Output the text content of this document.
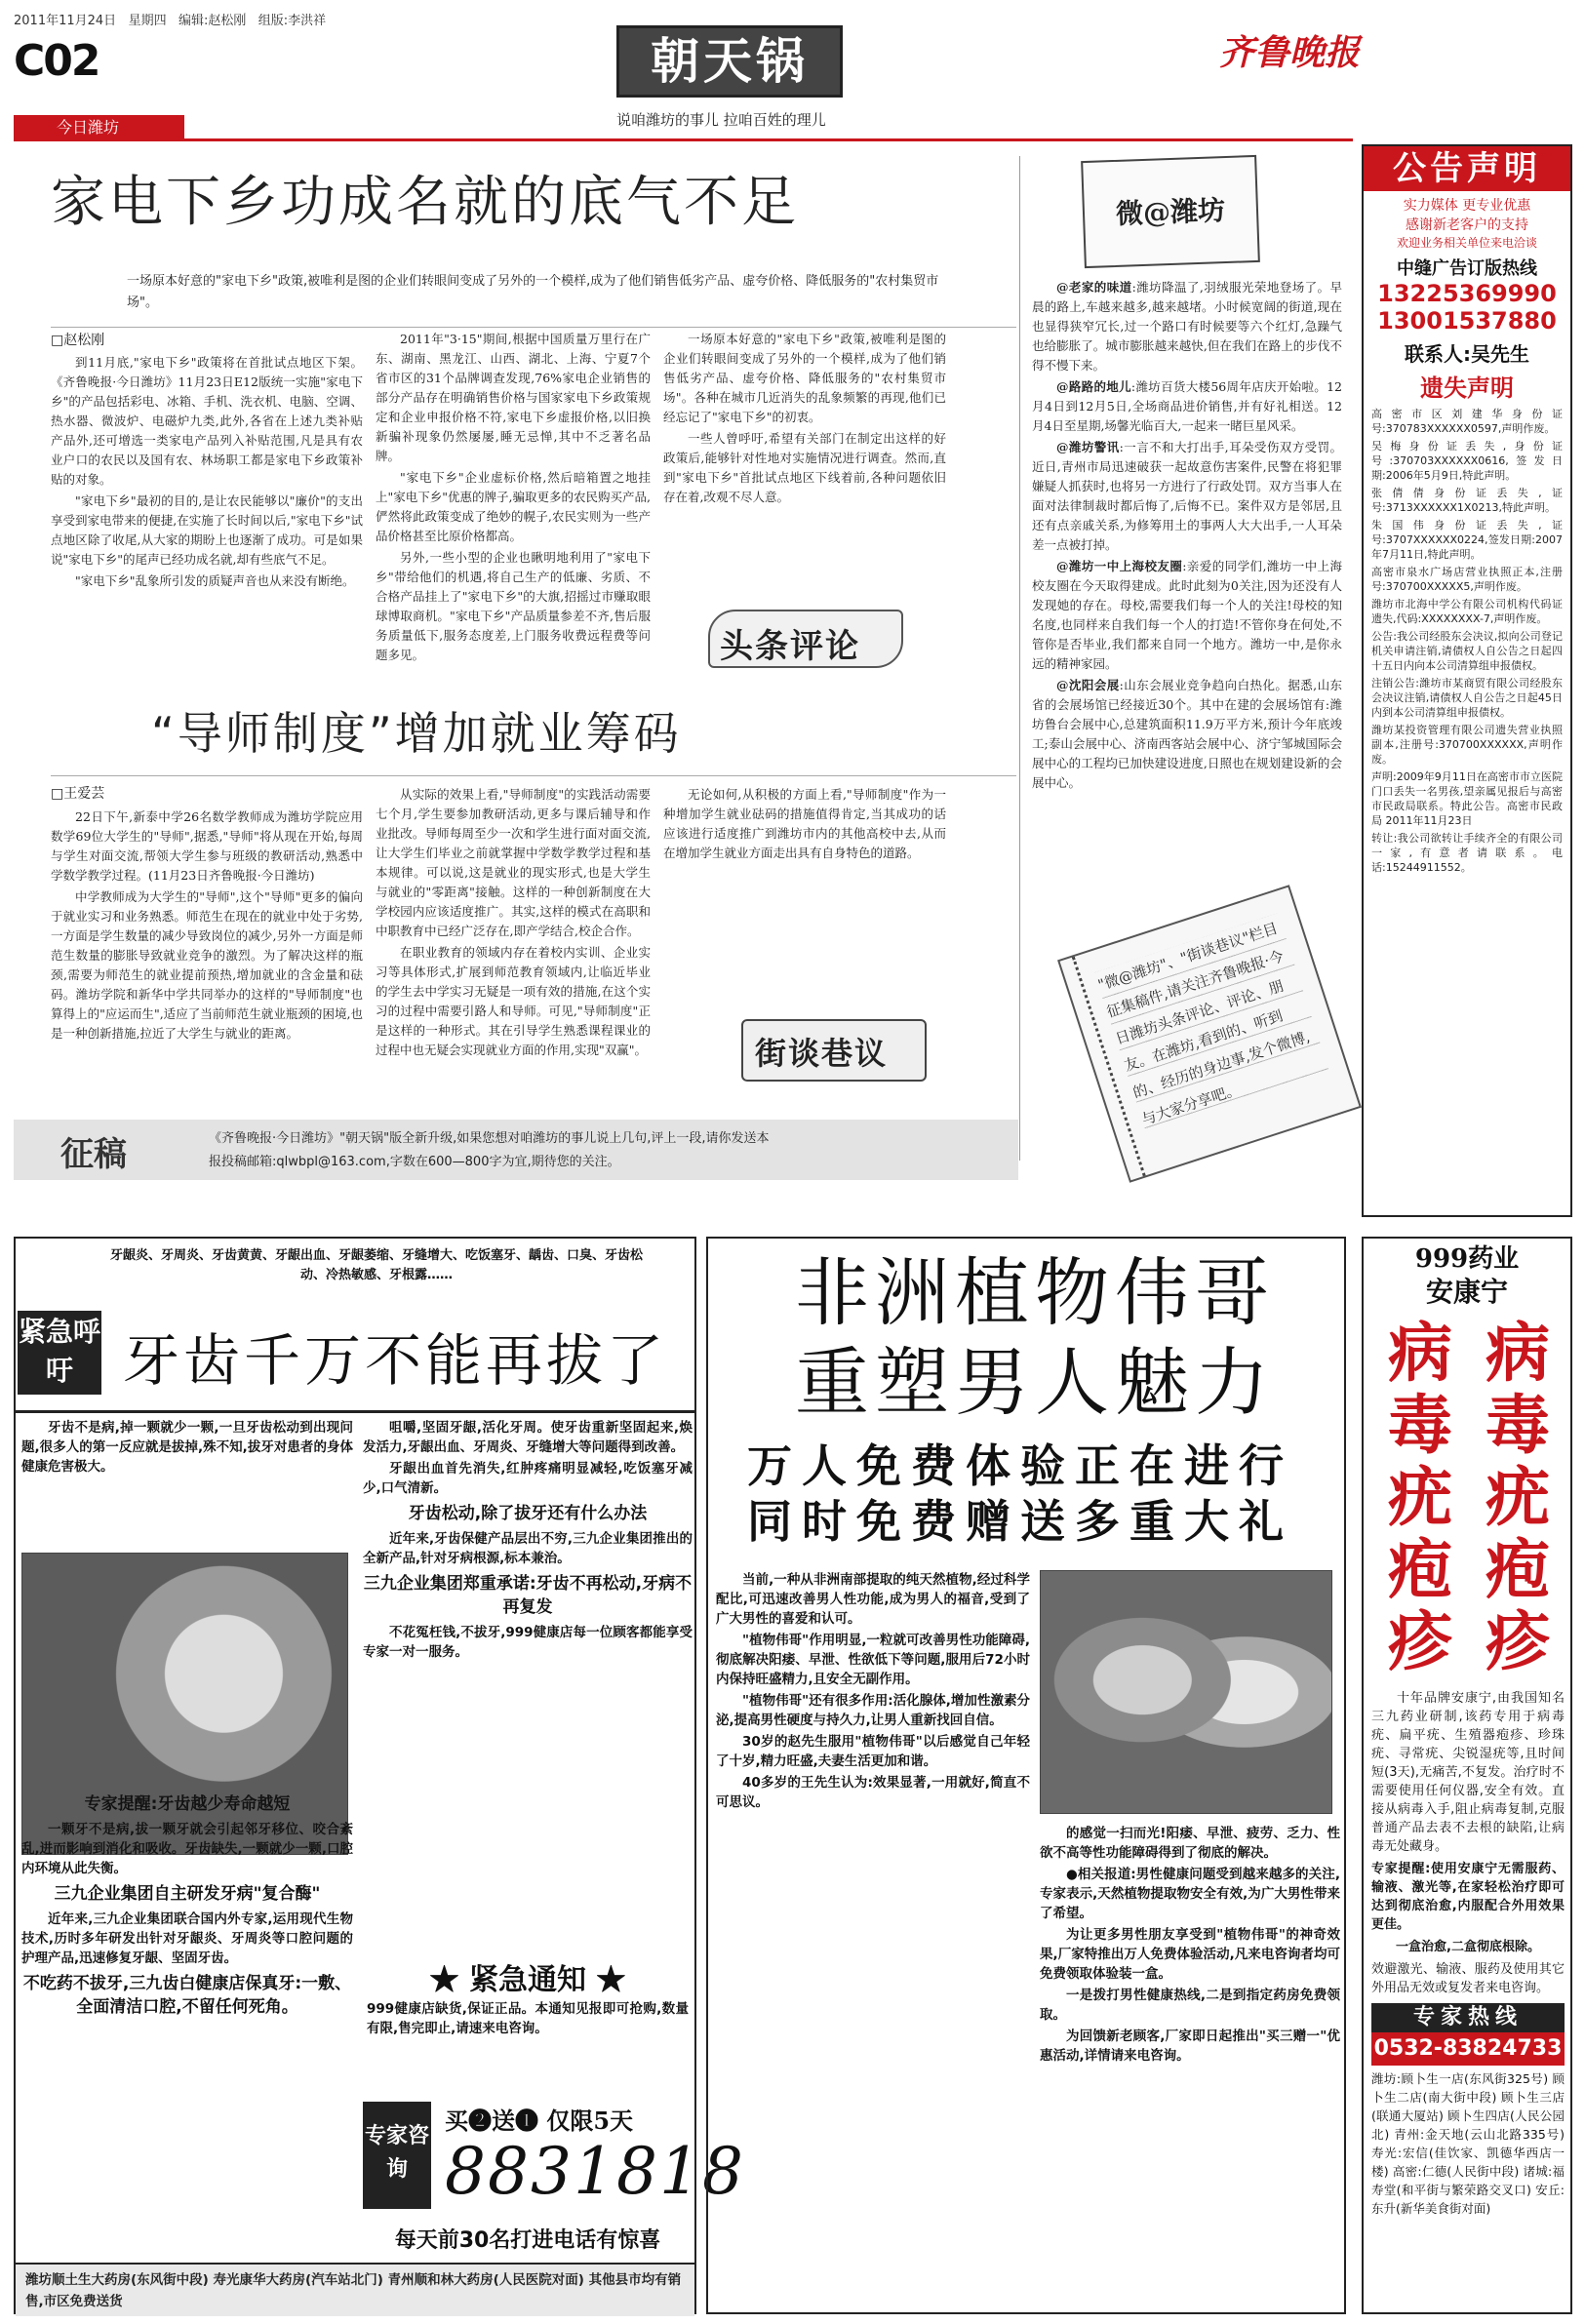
2011年11月24日 星期四 编辑:赵松刚 组版:李洪祥
C02
今日潍坊
朝天锅
说咱潍坊的事儿 拉咱百姓的理儿
齐鲁晚报
家电下乡功成名就的底气不足
一场原本好意的"家电下乡"政策,被唯利是图的企业们转眼间变成了另外的一个模样,成为了他们销售低劣产品、虚夸价格、降低服务的"农村集贸市场"。
□赵松刚

到11月底,"家电下乡"政策将在首批试点地区下架。《齐鲁晚报·今日潍坊》11月23日E12版统一实施"家电下乡"的产品包括彩电、冰箱、手机、洗衣机、电脑、空调、热水器、微波炉、电磁炉九类,此外,各省在上述九类补贴产品外,还可增选一类家电产品列入补贴范围,凡是具有农业户口的农民以及国有农、林场职工都是家电下乡政策补贴的对象。

"家电下乡"最初的目的,是让农民能够以"廉价"的支出享受到家电带来的便捷,在实施了长时间以后,"家电下乡"试点地区除了收尾,从大家的期盼上也逐渐了成功。可是如果说"家电下乡"的尾声已经功成名就,却有些底气不足。

"家电下乡"乱象所引发的质疑声音也从来没有断绝。

2011年"3·15"期间,根据中国质量万里行在广东、湖南、黑龙江、山西、湖北、上海、宁夏7个省市区的31个品牌调查发现,76%家电企业销售的部分产品存在明确销售价格与国家家电下乡政策规定和企业申报价格不符,家电下乡虚报价格,以旧换新骗补现象仍然屡屡,睡无忌惮,其中不乏著名品牌。

"家电下乡"企业虚标价格,然后暗箱置之地挂上"家电下乡"优惠的牌子,骗取更多的农民购买产品,俨然将此政策变成了绝妙的幌子,农民实则为一些产品价格甚至比原价格都高。

另外,一些小型的企业也瞅明地利用了"家电下乡"带给他们的机遇,将自己生产的低廉、劣质、不合格产品挂上了"家电下乡"的大旗,招摇过市赚取眼球博取商机。"家电下乡"产品质量参差不齐,售后服务质量低下,服务态度差,上门服务收费远程费等问题多见。

一场原本好意的"家电下乡"政策,被唯利是图的企业们转眼间变成了另外的一个模样,成为了他们销售低劣产品、虚夸价格、降低服务的"农村集贸市场"。各种在城市几近消失的乱象频繁的再现,他们已经忘记了"家电下乡"的初衷。

一些人曾呼吁,希望有关部门在制定出这样的好政策后,能够针对性地对实施情况进行调查。然而,直到"家电下乡"首批试点地区下线着前,各种问题依旧存在着,改观不尽人意。

头条评论
微@潍坊

@老家的味道:潍坊降温了,羽绒服光荣地登场了。早晨的路上,车越来越多,越来越堵。小时候宽阔的街道,现在也显得狭窄冗长,过一个路口有时候要等六个红灯,急躁气也给膨胀了。城市膨胀越来越快,但在我们在路上的步伐不得不慢下来。

@路路的地儿:潍坊百货大楼56周年店庆开始啦。12月4日到12月5日,全场商品进价销售,并有好礼相送。12月4日至星期,场馨光临百大,一起来一睹巨星风采。

@潍坊警讯:一言不和大打出手,耳朵受伤双方受罚。近日,青州市局迅速破获一起故意伤害案件,民警在将犯罪嫌疑人抓获时,也将另一方进行了行政处罚。双方当事人在面对法律制裁时都后悔了,后悔不已。案件双方是邻居,且还有点亲戚关系,为修筹用土的事两人大大出手,一人耳朵差一点被打掉。

@潍坊一中上海校友圈:亲爱的同学们,潍坊一中上海校友圈在今天取得建成。此时此刻为0关注,因为还没有人发现她的存在。母校,需要我们每一个人的关注!母校的知名度,也同样来自我们每一个人的打造!不管你身在何处,不管你是否毕业,我们都来自同一个地方。潍坊一中,是你永远的精神家园。

@沈阳会展:山东会展业竞争趋向白热化。据悉,山东省的会展场馆已经接近30个。其中在建的会展场馆有:潍坊鲁台会展中心,总建筑面积11.9万平方米,预计今年底竣工;泰山会展中心、济南西客站会展中心、济宁邹城国际会展中心的工程均已加快建设进度,日照也在规划建设新的会展中心。

"微@潍坊"、"街谈巷议"栏目征集稿件,请关注齐鲁晚报·今日潍坊头条评论、评论、朋友。在潍坊,看到的、听到的、经历的身边事,发个微博,与大家分享吧。
“导师制度”增加就业筹码
□王爱芸

22日下午,新泰中学26名数学教师成为潍坊学院应用数学69位大学生的"导师",据悉,"导师"将从现在开始,每周与学生对面交流,帮领大学生参与班级的教研活动,熟悉中学数学教学过程。(11月23日齐鲁晚报·今日潍坊)

中学教师成为大学生的"导师",这个"导师"更多的偏向于就业实习和业务熟悉。师范生在现在的就业中处于劣势,一方面是学生数量的减少导致岗位的减少,另外一方面是师范生数量的膨胀导致就业竞争的激烈。为了解决这样的瓶颈,需要为师范生的就业提前预热,增加就业的含金量和砝码。潍坊学院和新华中学共同举办的这样的"导师制度"也算得上的"应运而生",适应了当前师范生就业瓶颈的困境,也是一种创新措施,拉近了大学生与就业的距离。

从实际的效果上看,"导师制度"的实践活动需要七个月,学生要参加教研活动,更多与课后辅导和作业批改。导师每周至少一次和学生进行面对面交流,让大学生们毕业之前就掌握中学数学教学过程和基本规律。可以说,这是就业的现实形式,也是大学生与就业的"零距离"接触。这样的一种创新制度在大学校园内应该适度推广。其实,这样的模式在高职和中职教育中已经广泛存在,即产学结合,校企合作。

在职业教育的领域内存在着校内实训、企业实习等具体形式,扩展到师范教育领域内,让临近毕业的学生去中学实习无疑是一项有效的措施,在这个实习的过程中需要引路人和导师。可见,"导师制度"正是这样的一种形式。其在引导学生熟悉课程课业的过程中也无疑会实现就业方面的作用,实现"双赢"。

无论如何,从积极的方面上看,"导师制度"作为一种增加学生就业砝码的措施值得肯定,当其成功的话应该进行适度推广到潍坊市内的其他高校中去,从而在增加学生就业方面走出具有自身特色的道路。

街谈巷议
征稿	《齐鲁晚报·今日潍坊》"朝天锅"版全新升级,如果您想对咱潍坊的事儿说上几句,评上一段,请你发送本
报投稿邮箱:qlwbpl@163.com,字数在600—800字为宜,期待您的关注。
公告声明
实力媒体 更专业优惠
感谢新老客户的支持
欢迎业务相关单位来电洽谈
中缝广告订版热线
13225369990
13001537880
联系人:吴先生
遗失声明

高密市区刘建华身份证号:370783XXXXXX0597,声明作废。

吴梅身份证丢失,身份证号:370703XXXXXX0616,签发日期:2006年5月9日,特此声明。

张倩倩身份证丢失,证号:3713XXXXXX1X0213,特此声明。

朱国伟身份证丢失,证号:3707XXXXXX0224,签发日期:2007年7月11日,特此声明。

高密市泉水广场店营业执照正本,注册号:370700XXXXX5,声明作废。

潍坊市北海中学公有限公司机构代码证遗失,代码:XXXXXXXX-7,声明作废。

公告:我公司经股东会决议,拟向公司登记机关申请注销,请债权人自公告之日起四十五日内向本公司清算组申报债权。

注销公告:潍坊市某商贸有限公司经股东会决议注销,请债权人自公告之日起45日内到本公司清算组申报债权。

潍坊某投资管理有限公司遗失营业执照副本,注册号:370700XXXXXX,声明作废。

声明:2009年9月11日在高密市市立医院门口丢失一名男孩,望亲属见报后与高密市民政局联系。特此公告。高密市民政局 2011年11月23日

转让:我公司欲转让手续齐全的有限公司一家,有意者请联系。电话:15244911552。

牙龈炎、牙周炎、牙齿黄黄、牙龈出血、牙龈萎缩、牙缝增大、吃饭塞牙、龋齿、口臭、牙齿松动、冷热敏感、牙根露……
紧急呼吁 牙齿千万不能再拔了

牙齿不是病,掉一颗就少一颗,一旦牙齿松动到出现问题,很多人的第一反应就是拔掉,殊不知,拔牙对患者的身体健康危害极大。

专家提醒:牙齿越少寿命越短

一颗牙不是病,拔一颗牙就会引起邻牙移位、咬合紊乱,进而影响到消化和吸收。牙齿缺失,一颗就少一颗,口腔内环境从此失衡。

三九企业集团自主研发牙病"复合酶"

近年来,三九企业集团联合国内外专家,运用现代生物技术,历时多年研发出针对牙龈炎、牙周炎等口腔问题的护理产品,迅速修复牙龈、坚固牙齿。

不吃药不拔牙,三九齿白健康店保真牙:一敷、全面清洁口腔,不留任何死角。

咀嚼,坚固牙龈,活化牙周。使牙齿重新坚固起来,焕发活力,牙龈出血、牙周炎、牙缝增大等问题得到改善。

牙龈出血首先消失,红肿疼痛明显减轻,吃饭塞牙减少,口气清新。

牙齿松动,除了拔牙还有什么办法

近年来,牙齿保健产品层出不穷,三九企业集团推出的全新产品,针对牙病根源,标本兼治。

三九企业集团郑重承诺:牙齿不再松动,牙病不再复发

不花冤枉钱,不拔牙,999健康店每一位顾客都能享受专家一对一服务。

★ 紧急通知 ★
999健康店缺货,保证正品。本通知见报即可抢购,数量有限,售完即止,请速来电咨询。
专家咨询
买❷送❶ 仅限5天
8831818
每天前30名打进电话有惊喜
潍坊顺土生大药房(东风街中段) 寿光康华大药房(汽车站北门) 青州顺和林大药房(人民医院对面) 其他县市均有销售,市区免费送货
非洲植物伟哥
重塑男人魅力
万人免费体验正在进行
同时免费赠送多重大礼

当前,一种从非洲南部提取的纯天然植物,经过科学配比,可迅速改善男人性功能,成为男人的福音,受到了广大男性的喜爱和认可。

"植物伟哥"作用明显,一粒就可改善男性功能障碍,彻底解决阳痿、早泄、性欲低下等问题,服用后72小时内保持旺盛精力,且安全无副作用。

"植物伟哥"还有很多作用:活化腺体,增加性激素分泌,提高男性硬度与持久力,让男人重新找回自信。

30岁的赵先生服用"植物伟哥"以后感觉自己年轻了十岁,精力旺盛,夫妻生活更加和谐。

40多岁的王先生认为:效果显著,一用就好,简直不可思议。

的感觉一扫而光!阳痿、早泄、疲劳、乏力、性欲不高等性功能障碍得到了彻底的解决。

●相关报道:男性健康问题受到越来越多的关注,专家表示,天然植物提取物安全有效,为广大男性带来了希望。

为让更多男性朋友享受到"植物伟哥"的神奇效果,厂家特推出万人免费体验活动,凡来电咨询者均可免费领取体验装一盒。

一是拨打男性健康热线,二是到指定药房免费领取。

为回馈新老顾客,厂家即日起推出"买三赠一"优惠活动,详情请来电咨询。

999药业
安康宁
病
毒
疣
疱
疹
病
毒
疣
疱
疹

十年品牌安康宁,由我国知名三九药业研制,该药专用于病毒疣、扁平疣、生殖器疱疹、珍珠疣、寻常疣、尖锐湿疣等,且时间短(3天),无痛苦,不复发。治疗时不需要使用任何仪器,安全有效。直接从病毒入手,阻止病毒复制,克服普通产品去表不去根的缺陷,让病毒无处藏身。

专家提醒:使用安康宁无需服药、输液、激光等,在家轻松治疗即可达到彻底治愈,内服配合外用效果更佳。

一盒治愈,二盒彻底根除。

效避激光、输液、服药及使用其它外用品无效或复发者来电咨询。

专家热线
0532-83824733

潍坊:顾卜生一店(东风街325号) 顾卜生二店(南大街中段) 顾卜生三店(联通大厦站) 顾卜生四店(人民公园北) 青州:金天地(云山北路335号) 寿光:宏信(佳饮家、凯德华西店一楼) 高密:仁德(人民街中段) 诸城:福寿堂(和平街与繁荣路交叉口) 安丘:东升(新华美食街对面)
